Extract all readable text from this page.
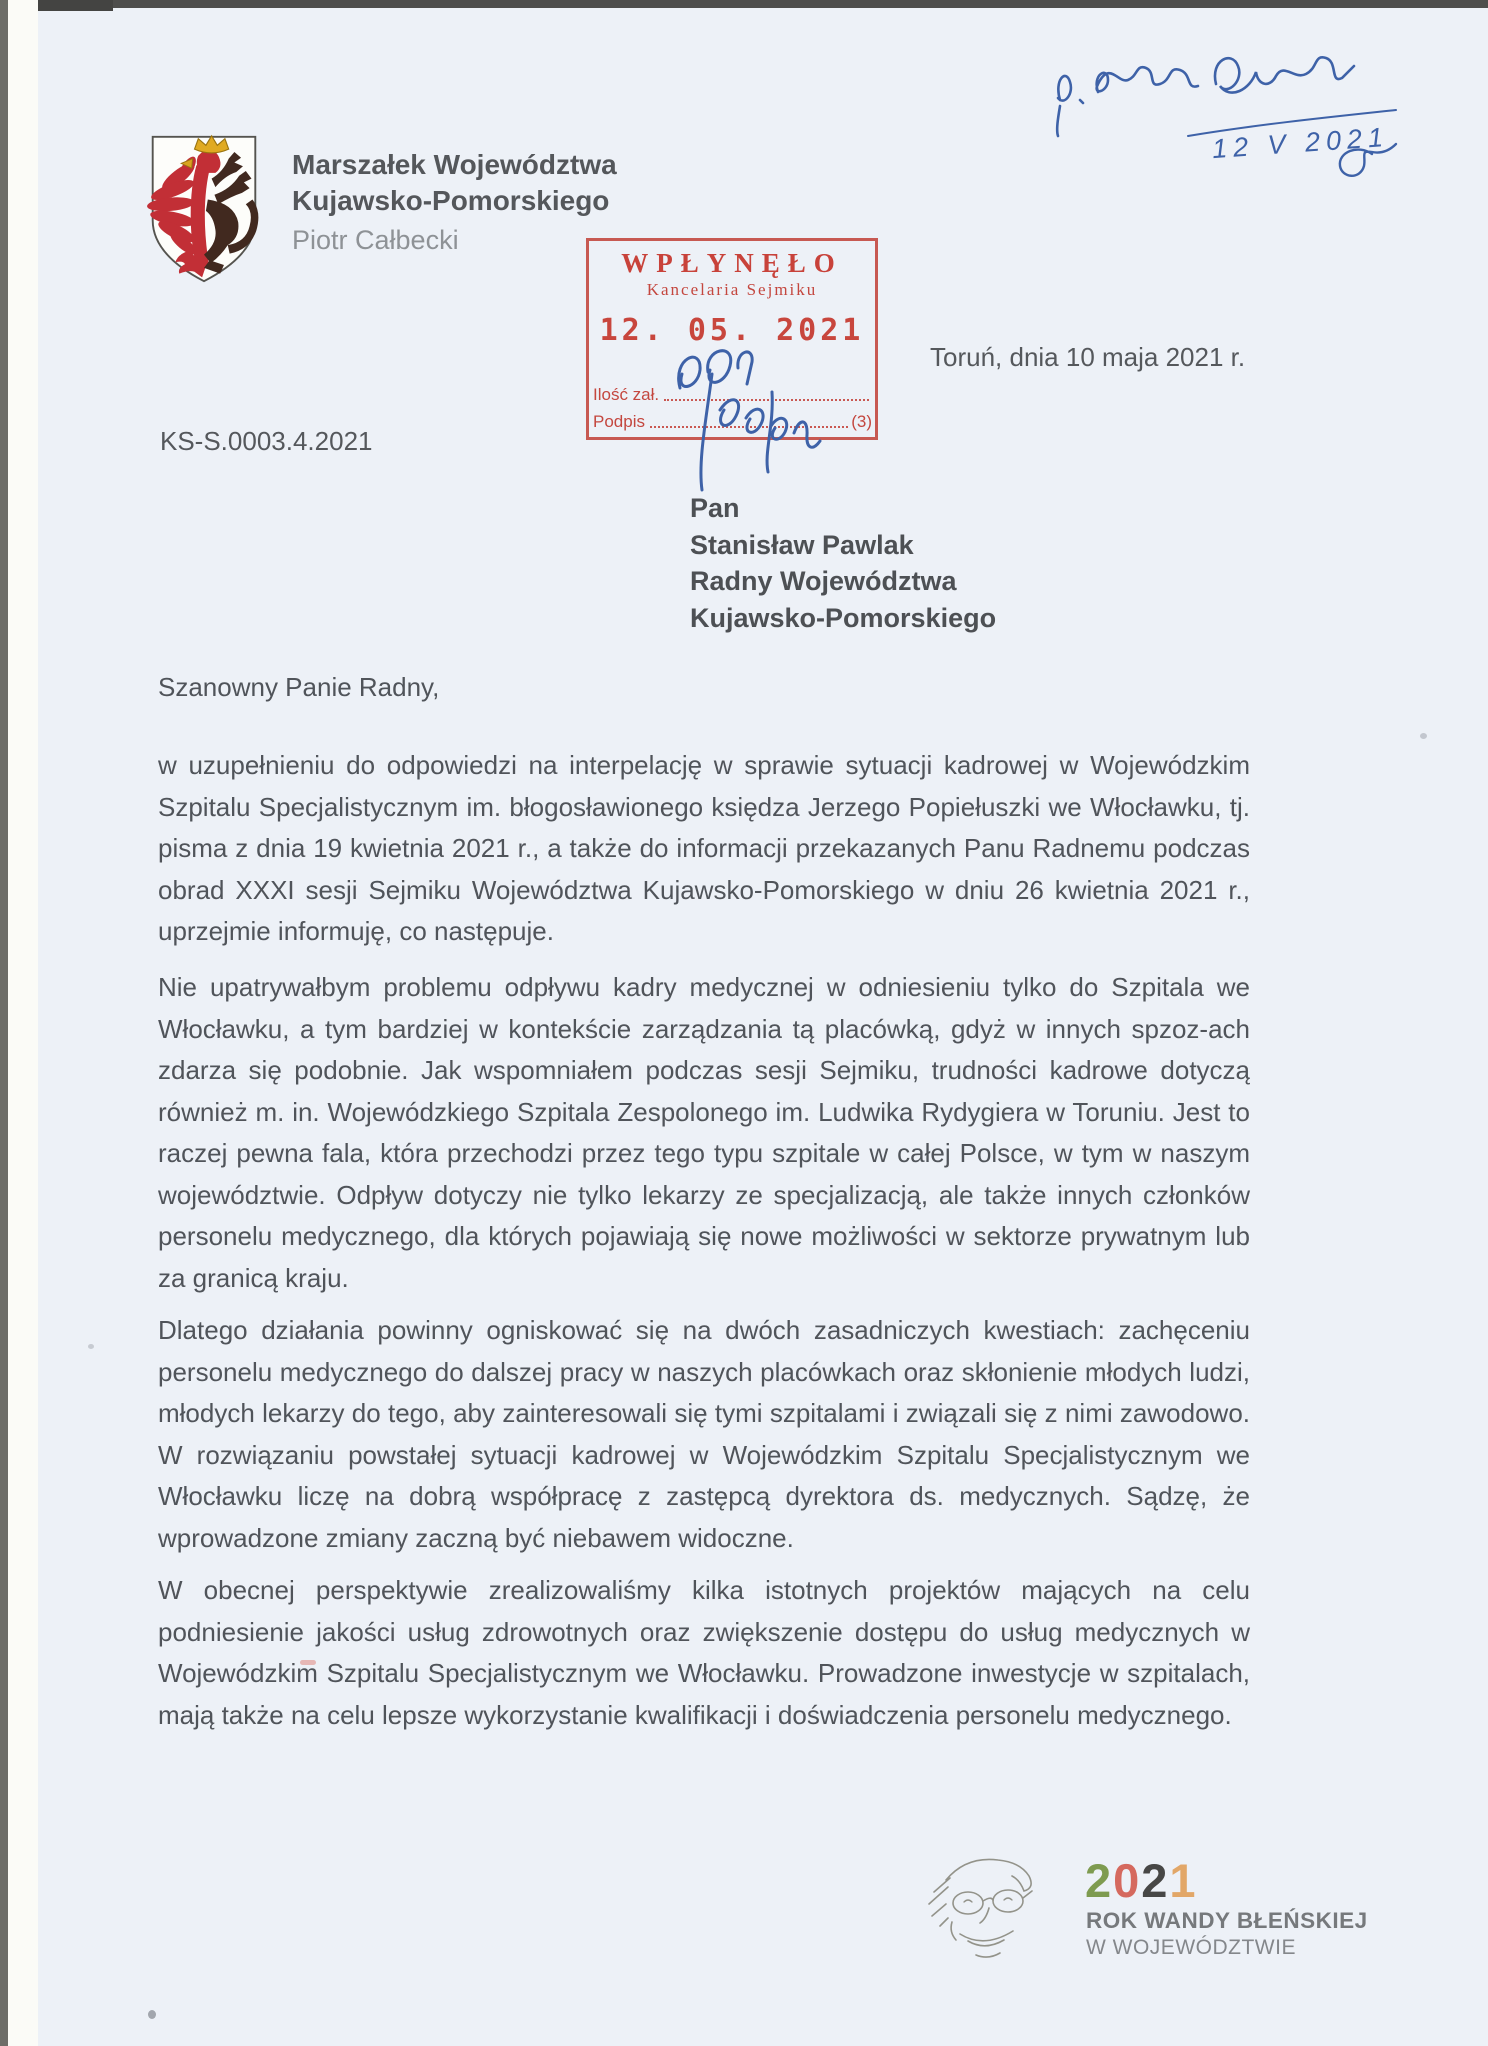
Marszałek Województwa
Kujawsko-Pomorskiego
Piotr Całbecki
12 V 2021
WPŁYNĘŁO
Kancelaria Sejmiku
12. 05. 2021
Ilość zał.
Podpis	(3)
Toruń, dnia 10 maja 2021 r.
KS-S.0003.4.2021
Pan
Stanisław Pawlak
Radny Województwa
Kujawsko-Pomorskiego
Szanowny Panie Radny,

w uzupełnieniu do odpowiedzi na interpelację w sprawie sytuacji kadrowej w Wojewódzkim Szpitalu Specjalistycznym im. błogosławionego księdza Jerzego Popiełuszki we Włocławku, tj. pisma z dnia 19 kwietnia 2021 r., a także do informacji przekazanych Panu Radnemu podczas obrad XXXI sesji Sejmiku Województwa Kujawsko-Pomorskiego w dniu 26 kwietnia 2021 r., uprzejmie informuję, co następuje.

Nie upatrywałbym problemu odpływu kadry medycznej w odniesieniu tylko do Szpitala we Włocławku, a tym bardziej w kontekście zarządzania tą placówką, gdyż w innych spzoz-ach zdarza się podobnie. Jak wspomniałem podczas sesji Sejmiku, trudności kadrowe dotyczą również m. in. Wojewódzkiego Szpitala Zespolonego im. Ludwika Rydygiera w Toruniu. Jest to raczej pewna fala, która przechodzi przez tego typu szpitale w całej Polsce, w tym w naszym województwie. Odpływ dotyczy nie tylko lekarzy ze specjalizacją, ale także innych członków personelu medycznego, dla których pojawiają się nowe możliwości w sektorze prywatnym lub za granicą kraju.

Dlatego działania powinny ogniskować się na dwóch zasadniczych kwestiach: zachęceniu personelu medycznego do dalszej pracy w naszych placówkach oraz skłonienie młodych ludzi, młodych lekarzy do tego, aby zainteresowali się tymi szpitalami i związali się z nimi zawodowo. W rozwiązaniu powstałej sytuacji kadrowej w Wojewódzkim Szpitalu Specjalistycznym we Włocławku liczę na dobrą współpracę z zastępcą dyrektora ds. medycznych. Sądzę, że wprowadzone zmiany zaczną być niebawem widoczne.

W obecnej perspektywie zrealizowaliśmy kilka istotnych projektów mających na celu podniesienie jakości usług zdrowotnych oraz zwiększenie dostępu do usług medycznych w Wojewódzkim Szpitalu Specjalistycznym we Włocławku. Prowadzone inwestycje w szpitalach, mają także na celu lepsze wykorzystanie kwalifikacji i doświadczenia personelu medycznego.

2021
ROK WANDY BŁEŃSKIEJ
W WOJEWÓDZTWIE
